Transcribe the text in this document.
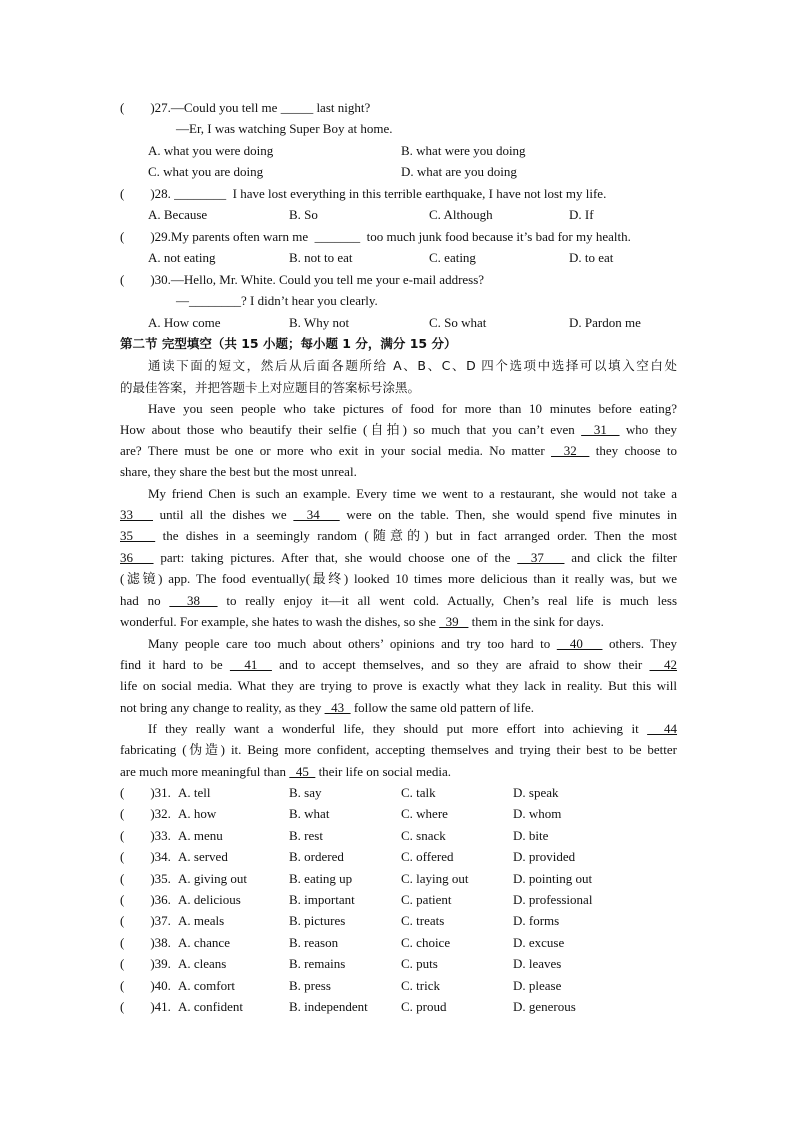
(        )27.—Could you tell me _____ last night?
—Er, I was watching Super Boy at home.
A. what you were doing	B. what were you doing
C. what you are doing	D. what are you doing
(        )28. ________  I have lost everything in this terrible earthquake, I have not lost my life.
A. Because	B. So	C. Although	D. If
(        )29.My parents often warn me  _______  too much junk food because it’s bad for my health.
A. not eating	B. not to eat	C. eating	D. to eat
(        )30.—Hello, Mr. White. Could you tell me your e-mail address?
—________? I didn’t hear you clearly.
A. How come	B. Why not	C. So what	D. Pardon me
第二节 完型填空（共 15 小题；每小题 1 分，满分 15 分）
通读下面的短文，然后从后面各题所给 A、B、C、D 四个选项中选择可以填入空白处
的最佳答案，并把答题卡上对应题目的答案标号涂黑。
Have you seen people who take pictures of food for more than 10 minutes before eating?
How about those who beautify their selfie (自拍) so much that you can’t even   31   who they
are? There must be one or more who exit in your social media. No matter   32   they choose to
share, they share the best but the most unreal.
My friend Chen is such an example. Every time we went to a restaurant, she would not take a
33    until all the dishes we   34    were on the table. Then, she would spend five minutes in
35    the dishes in a seemingly random (随意的) but in fact arranged order. Then the most
36    part: taking pictures. After that, she would choose one of the   37    and click the filter
(滤镜) app. The food eventually(最终) looked 10 times more delicious than it really was, but we
had no   38   to really enjoy it—it all went cold. Actually, Chen’s real life is much less
wonderful. For example, she hates to wash the dishes, so she   39    them in the sink for days.
Many people care too much about others’ opinions and try too hard to   40    others. They
find it hard to be   41   and to accept themselves, and so they are afraid to show their   42
life on social media. What they are trying to prove is exactly what they lack in reality. But this will
not bring any change to reality, as they   43   follow the same old pattern of life.
If they really want a wonderful life, they should put more effort into achieving it   44
fabricating (伪造) it. Being more confident, accepting themselves and trying their best to be better
are much more meaningful than   45   their life on social media.
(        )31. A. tell	B. say	C. talk	D. speak
(        )32. A. how	B. what	C. where	D. whom
(        )33. A. menu	B. rest	C. snack	D. bite
(        )34. A. served	B. ordered	C. offered	D. provided
(        )35. A. giving out	B. eating up	C. laying out	D. pointing out
(        )36. A. delicious	B. important	C. patient	D. professional
(        )37. A. meals	B. pictures	C. treats	D. forms
(        )38. A. chance	B. reason	C. choice	D. excuse
(        )39. A. cleans	B. remains	C. puts	D. leaves
(        )40. A. comfort	B. press	C. trick	D. please
(        )41. A. confident	B. independent	C. proud	D. generous
